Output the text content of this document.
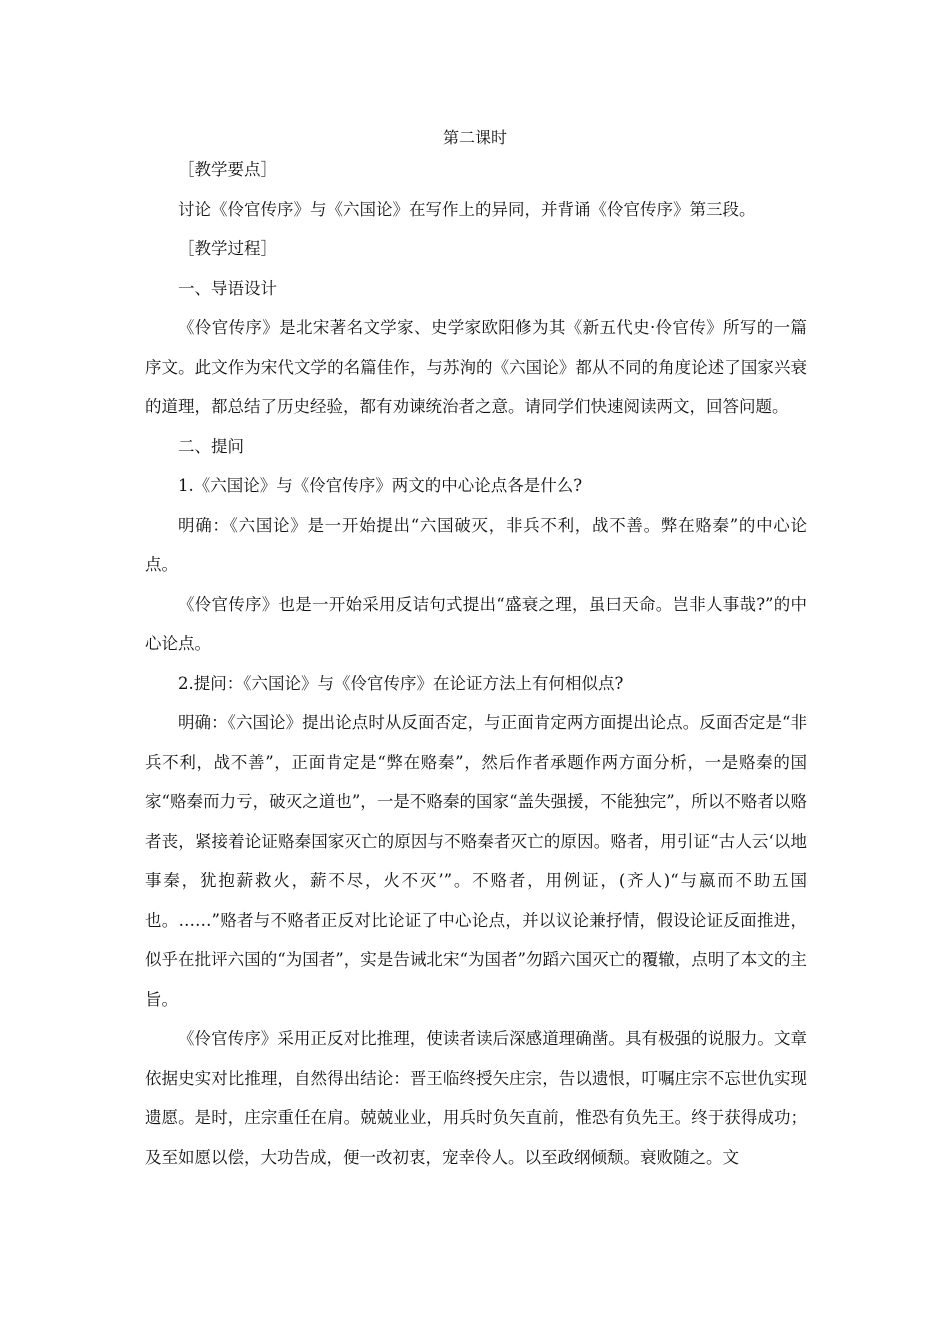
第二课时

［教学要点］

讨论《伶官传序》与《六国论》在写作上的异同，并背诵《伶官传序》第三段。

［教学过程］

一、导语设计

《伶官传序》是北宋著名文学家、史学家欧阳修为其《新五代史·伶官传》所写的一篇序文。此文作为宋代文学的名篇佳作，与苏洵的《六国论》都从不同的角度论述了国家兴衰的道理，都总结了历史经验，都有劝谏统治者之意。请同学们快速阅读两文，回答问题。

二、提问

1.《六国论》与《伶官传序》两文的中心论点各是什么?

明确：《六国论》是一开始提出“六国破灭，非兵不利，战不善。弊在赂秦”的中心论点。

《伶官传序》也是一开始采用反诘句式提出“盛衰之理，虽曰天命。岂非人事哉?”的中心论点。

2.提问：《六国论》与《伶官传序》在论证方法上有何相似点?

明确：《六国论》提出论点时从反面否定，与正面肯定两方面提出论点。反面否定是“非兵不利，战不善”，正面肯定是“弊在赂秦”，然后作者承题作两方面分析，一是赂秦的国家“赂秦而力亏，破灭之道也”，一是不赂秦的国家“盖失强援，不能独完”，所以不赂者以赂者丧，紧接着论证赂秦国家灭亡的原因与不赂秦者灭亡的原因。赂者，用引证“古人云‘以地事秦，犹抱薪救火，薪不尽，火不灭’”。不赂者，用例证，(齐人)“与嬴而不助五国也。……”赂者与不赂者正反对比论证了中心论点，并以议论兼抒情，假设论证反面推进，似乎在批评六国的“为国者”，实是告诫北宋“为国者”勿蹈六国灭亡的覆辙，点明了本文的主旨。

《伶官传序》采用正反对比推理，使读者读后深感道理确凿。具有极强的说服力。文章依据史实对比推理，自然得出结论：晋王临终授矢庄宗，告以遗恨，叮嘱庄宗不忘世仇实现遗愿。是时，庄宗重任在肩。兢兢业业，用兵时负矢直前，惟恐有负先王。终于获得成功；及至如愿以偿，大功告成，便一改初衷，宠幸伶人。以至政纲倾颓。衰败随之。文
